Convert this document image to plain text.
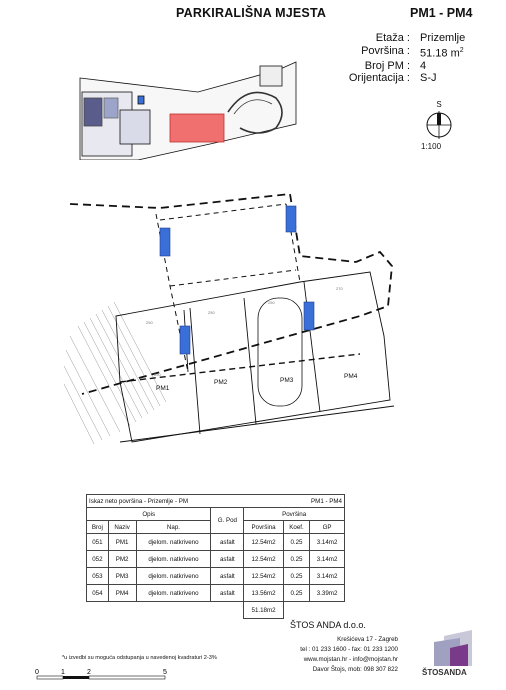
PARKIRALIŠNA MJESTA	PM1 - PM4
Etaža : Prizemlje
Površina : 51.18 $m^2$
Broj PM : 4
Orijentacija : S-J
S
1:100
PM1
PM2	PM3
PM4
250
250
250
270
250
Iskaz neto površina - Prizemlje - PM				PM1 - PM4		
Opis			G. Pod	Površina		
Broj	Naziv	Nap.		Površina	Koef.	GP
051	PM1	djelom. natkriveno	asfalt	12.54m2	0.25	3.14m2
052	PM2	djelom. natkriveno	asfalt	12.54m2	0.25	3.14m2
053	PM3	djelom. natkriveno	asfalt	12.54m2	0.25	3.14m2
054	PM4	djelom. natkriveno	asfalt	13.56m2	0.25	3.39m2
				51.18m2		
ŠTOS ANDA d.o.o.
Krešićeva 17 - Zagreb
tel : 01 233 1600 - fax: 01 233 1200
www.mojstan.hr - info@mojstan.hr
Davor Štojs, mob: 098 307 822	ŠTOSANDA
*u izvedbi su moguća odstupanja u navedenoj kvadraturi 2-3%
0	1	2	5
